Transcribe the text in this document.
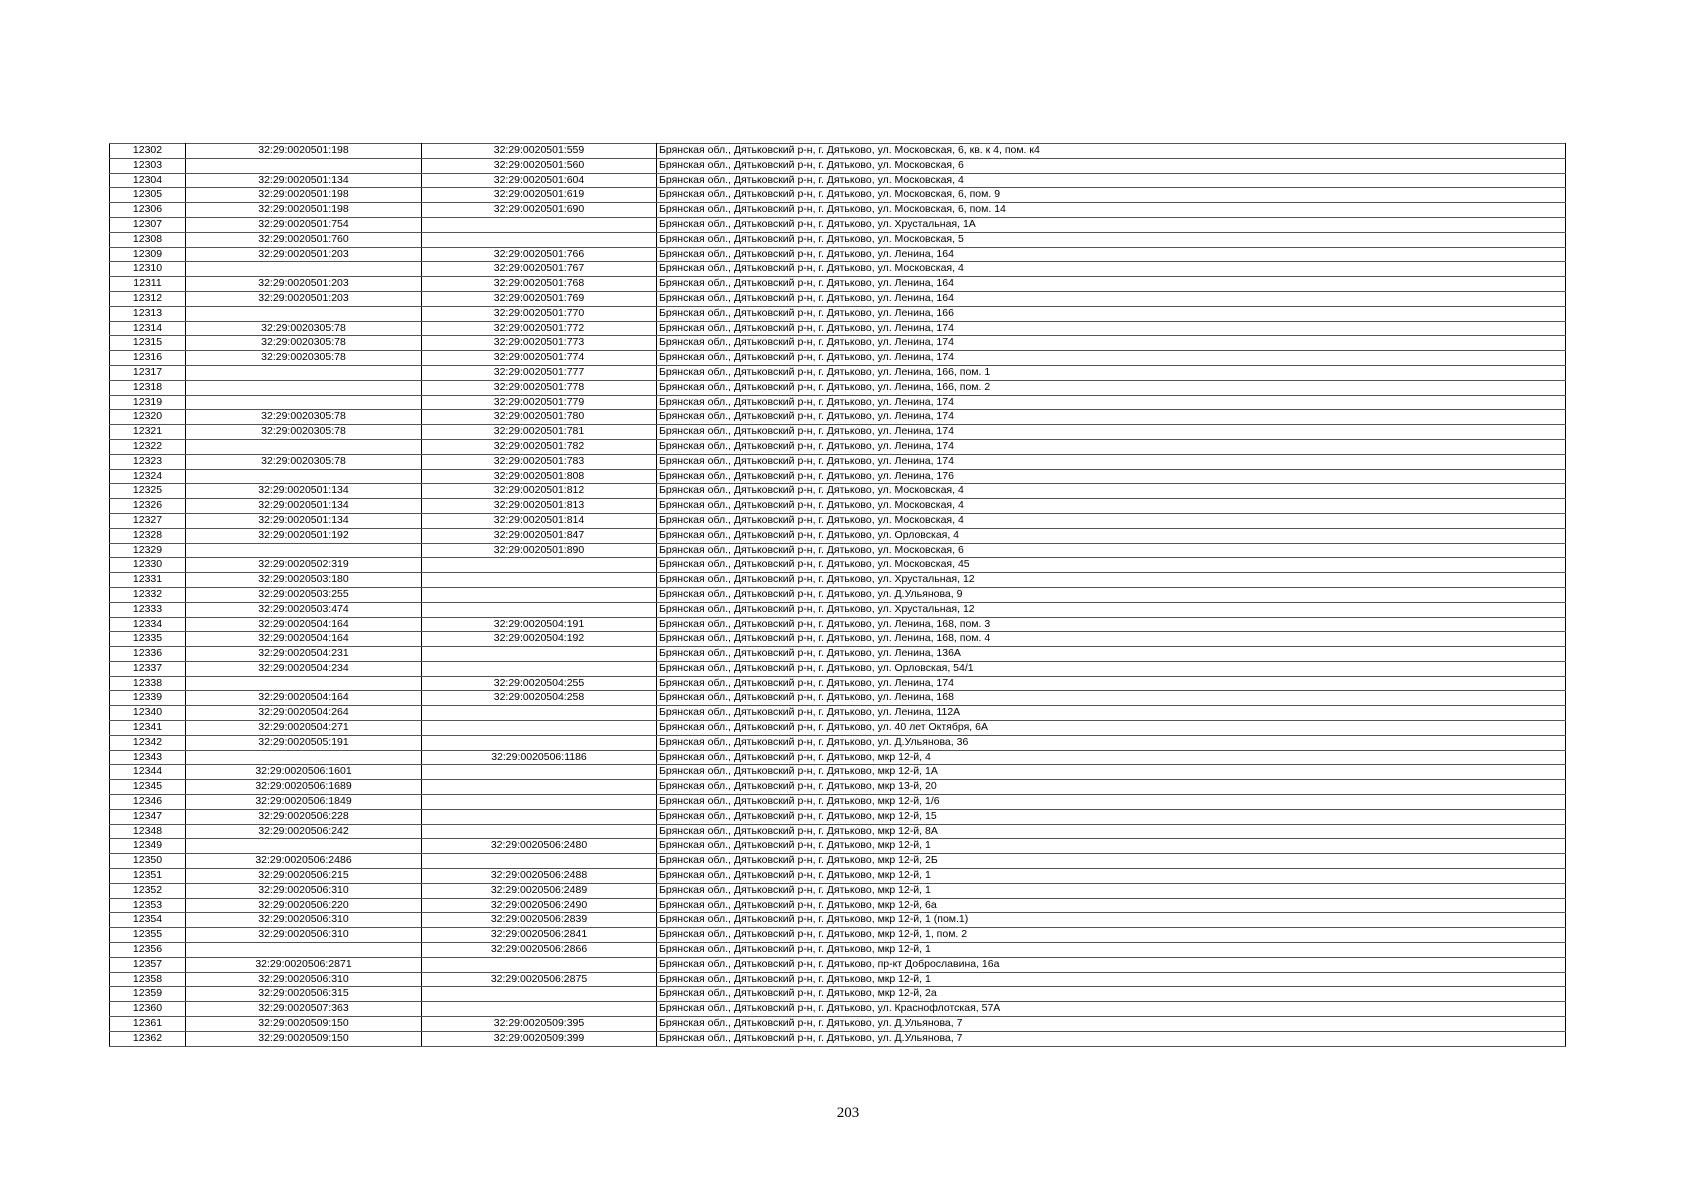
12302	32:29:0020501:198	32:29:0020501:559	Брянская обл., Дятьковский р-н, г. Дятьково, ул. Московская, 6, кв. к 4, пом. к4
12303		32:29:0020501:560	Брянская обл., Дятьковский р-н, г. Дятьково, ул. Московская, 6
12304	32:29:0020501:134	32:29:0020501:604	Брянская обл., Дятьковский р-н, г. Дятьково, ул. Московская, 4
12305	32:29:0020501:198	32:29:0020501:619	Брянская обл., Дятьковский р-н, г. Дятьково, ул. Московская, 6, пом. 9
12306	32:29:0020501:198	32:29:0020501:690	Брянская обл., Дятьковский р-н, г. Дятьково, ул. Московская, 6, пом. 14
12307	32:29:0020501:754		Брянская обл., Дятьковский р-н, г. Дятьково, ул. Хрустальная, 1А
12308	32:29:0020501:760		Брянская обл., Дятьковский р-н, г. Дятьково, ул. Московская, 5
12309	32:29:0020501:203	32:29:0020501:766	Брянская обл., Дятьковский р-н, г. Дятьково, ул. Ленина, 164
12310		32:29:0020501:767	Брянская обл., Дятьковский р-н, г. Дятьково, ул. Московская, 4
12311	32:29:0020501:203	32:29:0020501:768	Брянская обл., Дятьковский р-н, г. Дятьково, ул. Ленина, 164
12312	32:29:0020501:203	32:29:0020501:769	Брянская обл., Дятьковский р-н, г. Дятьково, ул. Ленина, 164
12313		32:29:0020501:770	Брянская обл., Дятьковский р-н, г. Дятьково, ул. Ленина, 166
12314	32:29:0020305:78	32:29:0020501:772	Брянская обл., Дятьковский р-н, г. Дятьково, ул. Ленина, 174
12315	32:29:0020305:78	32:29:0020501:773	Брянская обл., Дятьковский р-н, г. Дятьково, ул. Ленина, 174
12316	32:29:0020305:78	32:29:0020501:774	Брянская обл., Дятьковский р-н, г. Дятьково, ул. Ленина, 174
12317		32:29:0020501:777	Брянская обл., Дятьковский р-н, г. Дятьково, ул. Ленина, 166, пом. 1
12318		32:29:0020501:778	Брянская обл., Дятьковский р-н, г. Дятьково, ул. Ленина, 166, пом. 2
12319		32:29:0020501:779	Брянская обл., Дятьковский р-н, г. Дятьково, ул. Ленина, 174
12320	32:29:0020305:78	32:29:0020501:780	Брянская обл., Дятьковский р-н, г. Дятьково, ул. Ленина, 174
12321	32:29:0020305:78	32:29:0020501:781	Брянская обл., Дятьковский р-н, г. Дятьково, ул. Ленина, 174
12322		32:29:0020501:782	Брянская обл., Дятьковский р-н, г. Дятьково, ул. Ленина, 174
12323	32:29:0020305:78	32:29:0020501:783	Брянская обл., Дятьковский р-н, г. Дятьково, ул. Ленина, 174
12324		32:29:0020501:808	Брянская обл., Дятьковский р-н, г. Дятьково, ул. Ленина, 176
12325	32:29:0020501:134	32:29:0020501:812	Брянская обл., Дятьковский р-н, г. Дятьково, ул. Московская, 4
12326	32:29:0020501:134	32:29:0020501:813	Брянская обл., Дятьковский р-н, г. Дятьково, ул. Московская, 4
12327	32:29:0020501:134	32:29:0020501:814	Брянская обл., Дятьковский р-н, г. Дятьково, ул. Московская, 4
12328	32:29:0020501:192	32:29:0020501:847	Брянская обл., Дятьковский р-н, г. Дятьково, ул. Орловская, 4
12329		32:29:0020501:890	Брянская обл., Дятьковский р-н, г. Дятьково, ул. Московская, 6
12330	32:29:0020502:319		Брянская обл., Дятьковский р-н, г. Дятьково, ул. Московская, 45
12331	32:29:0020503:180		Брянская обл., Дятьковский р-н, г. Дятьково, ул. Хрустальная, 12
12332	32:29:0020503:255		Брянская обл., Дятьковский р-н, г. Дятьково, ул. Д.Ульянова, 9
12333	32:29:0020503:474		Брянская обл., Дятьковский р-н, г. Дятьково, ул. Хрустальная, 12
12334	32:29:0020504:164	32:29:0020504:191	Брянская обл., Дятьковский р-н, г. Дятьково, ул. Ленина, 168, пом. 3
12335	32:29:0020504:164	32:29:0020504:192	Брянская обл., Дятьковский р-н, г. Дятьково, ул. Ленина, 168, пом. 4
12336	32:29:0020504:231		Брянская обл., Дятьковский р-н, г. Дятьково, ул. Ленина, 136А
12337	32:29:0020504:234		Брянская обл., Дятьковский р-н, г. Дятьково, ул. Орловская, 54/1
12338		32:29:0020504:255	Брянская обл., Дятьковский р-н, г. Дятьково, ул. Ленина, 174
12339	32:29:0020504:164	32:29:0020504:258	Брянская обл., Дятьковский р-н, г. Дятьково, ул. Ленина, 168
12340	32:29:0020504:264		Брянская обл., Дятьковский р-н, г. Дятьково, ул. Ленина, 112А
12341	32:29:0020504:271		Брянская обл., Дятьковский р-н, г. Дятьково, ул. 40 лет Октября, 6А
12342	32:29:0020505:191		Брянская обл., Дятьковский р-н, г. Дятьково, ул. Д.Ульянова, 36
12343		32:29:0020506:1186	Брянская обл., Дятьковский р-н, г. Дятьково, мкр 12-й, 4
12344	32:29:0020506:1601		Брянская обл., Дятьковский р-н, г. Дятьково, мкр 12-й, 1А
12345	32:29:0020506:1689		Брянская обл., Дятьковский р-н, г. Дятьково, мкр 13-й, 20
12346	32:29:0020506:1849		Брянская обл., Дятьковский р-н, г. Дятьково, мкр 12-й, 1/6
12347	32:29:0020506:228		Брянская обл., Дятьковский р-н, г. Дятьково, мкр 12-й, 15
12348	32:29:0020506:242		Брянская обл., Дятьковский р-н, г. Дятьково, мкр 12-й, 8А
12349		32:29:0020506:2480	Брянская обл., Дятьковский р-н, г. Дятьково, мкр 12-й, 1
12350	32:29:0020506:2486		Брянская обл., Дятьковский р-н, г. Дятьково, мкр 12-й, 2Б
12351	32:29:0020506:215	32:29:0020506:2488	Брянская обл., Дятьковский р-н, г. Дятьково, мкр 12-й, 1
12352	32:29:0020506:310	32:29:0020506:2489	Брянская обл., Дятьковский р-н, г. Дятьково, мкр 12-й, 1
12353	32:29:0020506:220	32:29:0020506:2490	Брянская обл., Дятьковский р-н, г. Дятьково, мкр 12-й, 6а
12354	32:29:0020506:310	32:29:0020506:2839	Брянская обл., Дятьковский р-н, г. Дятьково, мкр 12-й, 1 (пом.1)
12355	32:29:0020506:310	32:29:0020506:2841	Брянская обл., Дятьковский р-н, г. Дятьково, мкр 12-й, 1, пом. 2
12356		32:29:0020506:2866	Брянская обл., Дятьковский р-н, г. Дятьково, мкр 12-й, 1
12357	32:29:0020506:2871		Брянская обл., Дятьковский р-н, г. Дятьково, пр-кт Доброславина, 16а
12358	32:29:0020506:310	32:29:0020506:2875	Брянская обл., Дятьковский р-н, г. Дятьково, мкр 12-й, 1
12359	32:29:0020506:315		Брянская обл., Дятьковский р-н, г. Дятьково, мкр 12-й, 2а
12360	32:29:0020507:363		Брянская обл., Дятьковский р-н, г. Дятьково, ул. Краснофлотская, 57А
12361	32:29:0020509:150	32:29:0020509:395	Брянская обл., Дятьковский р-н, г. Дятьково, ул. Д.Ульянова, 7
12362	32:29:0020509:150	32:29:0020509:399	Брянская обл., Дятьковский р-н, г. Дятьково, ул. Д.Ульянова, 7
203
